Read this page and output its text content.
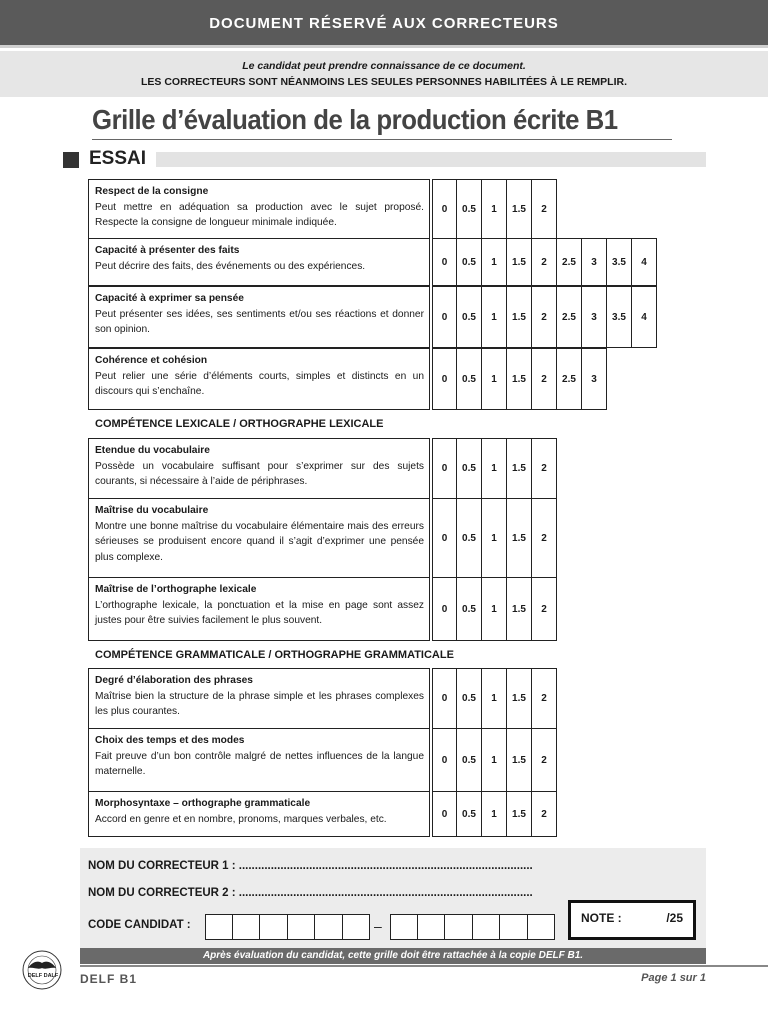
DOCUMENT RÉSERVÉ AUX CORRECTEURS
Le candidat peut prendre connaissance de ce document.
LES CORRECTEURS SONT NÉANMOINS LES SEULES PERSONNES HABILITÉES À LE REMPLIR.
Grille d’évaluation de la production écrite B1
ESSAI
Respect de la consigne
Peut mettre en adéquation sa production avec le sujet proposé. Respecte la consigne de longueur minimale indiquée.
0	0.5	1	1.5	2
Capacité à présenter des faits
Peut décrire des faits, des événements ou des expériences.	0	0.5	1	1.5	2	2.5	3	3.5	4
Capacité à exprimer sa pensée
Peut présenter ses idées, ses sentiments et/ou ses réactions et donner son opinion.
0	0.5	1	1.5	2	2.5	3	3.5	4
Cohérence et cohésion
Peut relier une série d’éléments courts, simples et distincts en un discours qui s’enchaîne.
0	0.5	1	1.5	2	2.5	3
Etendue du vocabulaire
Possède un vocabulaire suffisant pour s’exprimer sur des sujets courants, si nécessaire à l’aide de périphrases.
0	0.5	1	1.5	2
Maîtrise du vocabulaire
Montre une bonne maîtrise du vocabulaire élémentaire mais des erreurs sérieuses se produisent encore quand il s’agit d’exprimer une pensée plus complexe.
0	0.5	1	1.5	2
Maîtrise de l’orthographe lexicale
L’orthographe lexicale, la ponctuation et la mise en page sont assez justes pour être suivies facilement le plus souvent.
0	0.5	1	1.5	2
Degré d’élaboration des phrases
Maîtrise bien la structure de la phrase simple et les phrases complexes les plus courantes.
0	0.5	1	1.5	2
Choix des temps et des modes
Fait preuve d’un bon contrôle malgré de nettes influences de la langue maternelle.
0	0.5	1	1.5	2
Morphosyntaxe – orthographe grammaticale
Accord en genre et en nombre, pronoms, marques verbales, etc.	0	0.5	1	1.5	2
COMPÉTENCE LEXICALE / ORTHOGRAPHE LEXICALE
COMPÉTENCE GRAMMATICALE / ORTHOGRAPHE GRAMMATICALE
NOM DU CORRECTEUR 1 : ............................................................................................
NOM DU CORRECTEUR 2 : ............................................................................................
CODE CANDIDAT :	–	NOTE :	/25
Après évaluation du candidat, cette grille doit être rattachée à la copie DELF B1.
DELF DALF DELF B1	Page 1 sur 1
